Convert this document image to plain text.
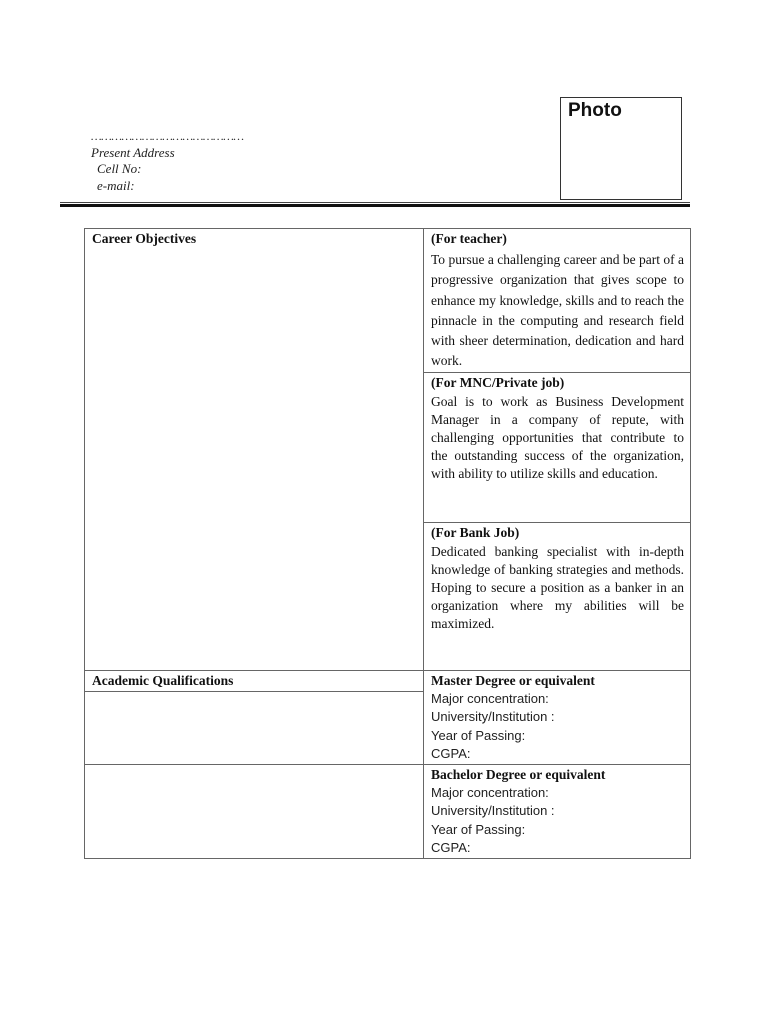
………………………………………
Present Address
Cell No:
e-mail:
Photo
Career Objectives	(For teacher)
To pursue a challenging career and be part of a progressive organization that gives scope to enhance my knowledge, skills and to reach the pinnacle in the computing and research field with sheer determination, dedication and hard work.

	(For MNC/Private job)
Goal is to work as Business Development Manager in a company of repute, with challenging opportunities that contribute to the outstanding success of the organization, with ability to utilize skills and education.

	(For Bank Job)
Dedicated banking specialist with in-depth knowledge of banking strategies and methods. Hoping to secure a position as a banker in an organization where my abilities will be maximized.

Academic Qualifications	Master Degree or equivalent
Major concentration:
University/Institution :
Year of Passing:
CGPA:

	Bachelor Degree or equivalent
Major concentration:
University/Institution :
Year of Passing:
CGPA:
